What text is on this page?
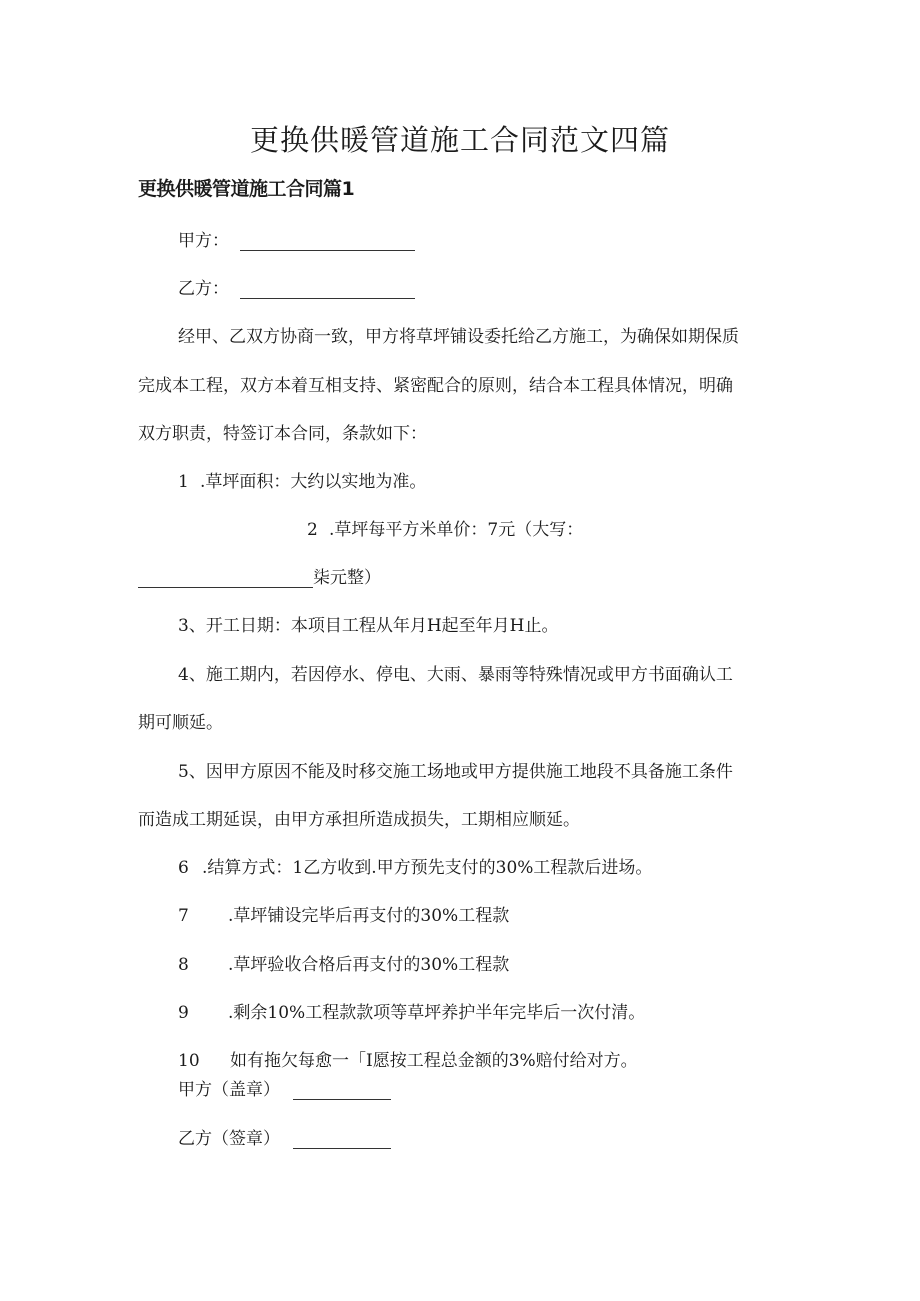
更换供暖管道施工合同范文四篇
更换供暖管道施工合同篇1
甲方：
乙方：
经甲、乙双方协商一致，甲方将草坪铺设委托给乙方施工，为确保如期保质
完成本工程，双方本着互相支持、紧密配合的原则，结合本工程具体情况，明确
双方职责，特签订本合同，条款如下：
1 .草坪面积：大约以实地为准。
2 .草坪每平方米单价：7元（大写：
柒元整）
3、开工日期：本项目工程从年月H起至年月H止。
4、施工期内，若因停水、停电、大雨、暴雨等特殊情况或甲方书面确认工
期可顺延。
5、因甲方原因不能及时移交施工场地或甲方提供施工地段不具备施工条件
而造成工期延误，由甲方承担所造成损失，工期相应顺延。
6 .结算方式：1乙方收到.甲方预先支付的30%工程款后进场。
7 .草坪铺设完毕后再支付的30%工程款
8 .草坪验收合格后再支付的30%工程款
9 .剩余10%工程款款项等草坪养护半年完毕后一次付清。
10 如有拖欠每愈一「I愿按工程总金额的3%赔付给对方。
甲方（盖章）
乙方（签章）
